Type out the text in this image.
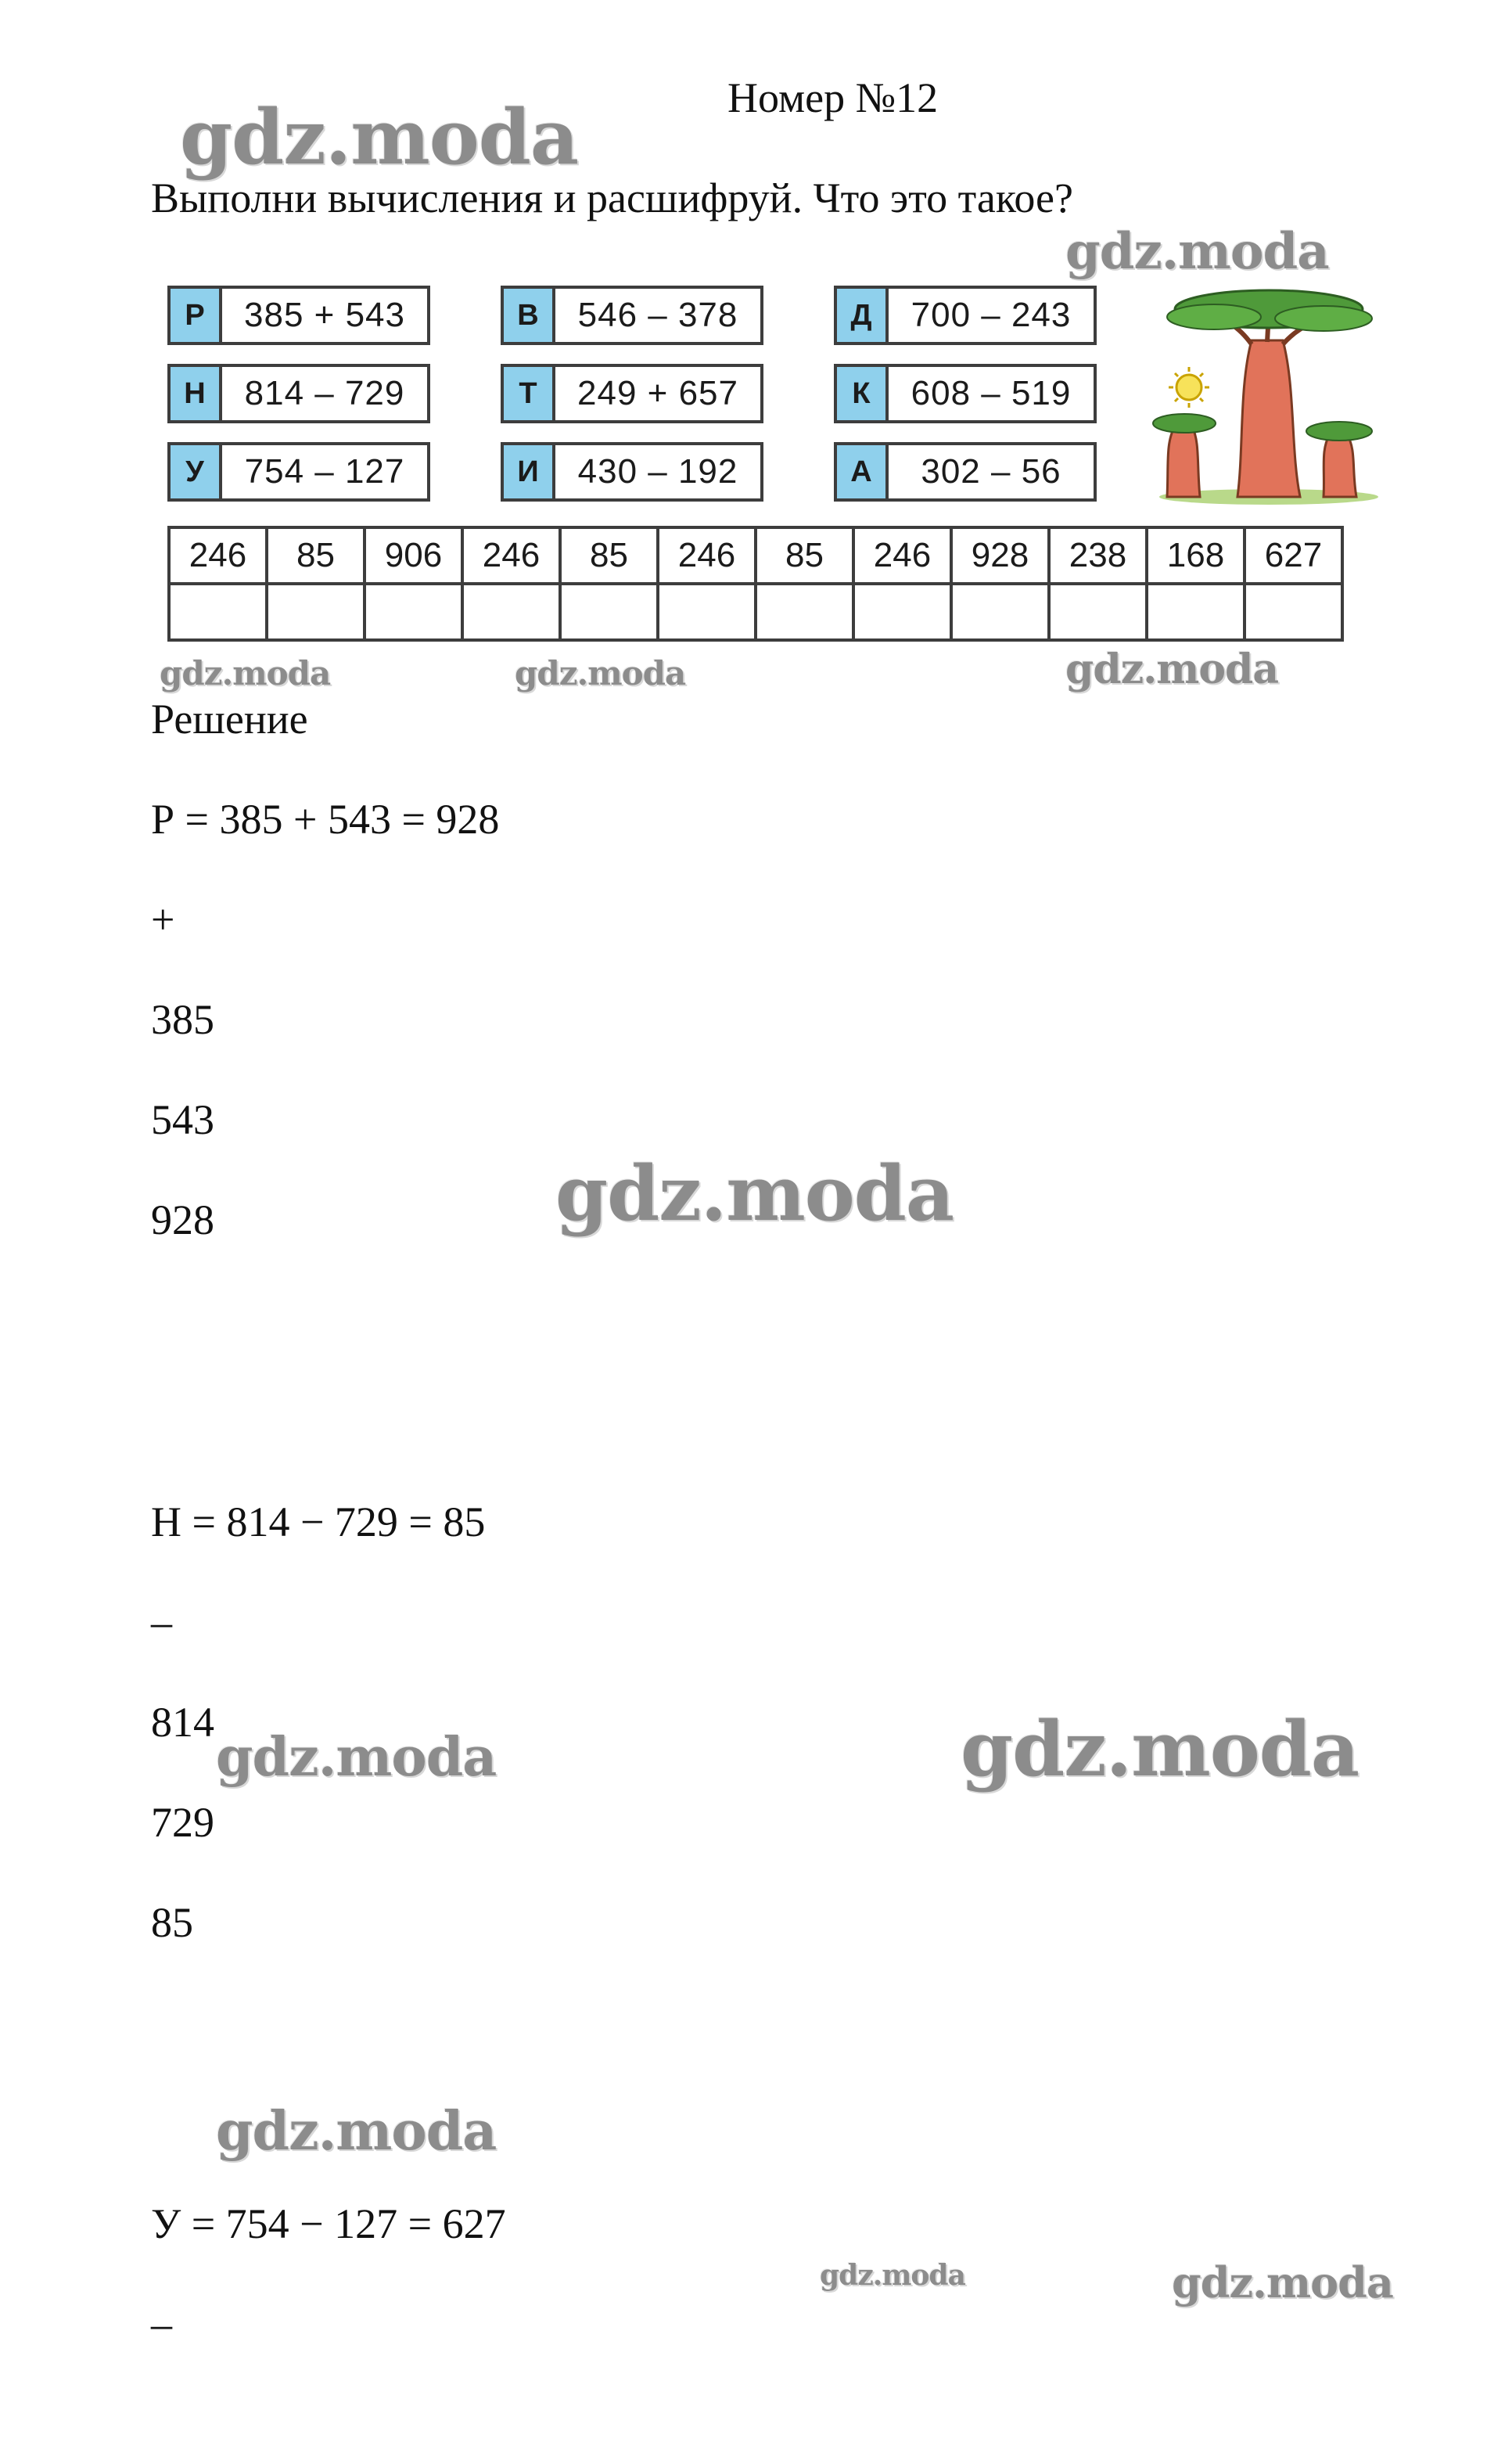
Номер №12
Выполни вычисления и расшифруй. Что это такое?
Р	385 + 543	В	546 – 378	Д	700 – 243
Н	814 – 729	Т	249 + 657	К	608 – 519
У	754 – 127	И	430 – 192	А	302 – 56
246	85	906	246	85	246	85	246	928	238	168	627

Решение
Р = 385 + 543 = 928
+
385
543
928
Н = 814 − 729 = 85
–
814
729
85
У = 754 − 127 = 627
–
gdz.moda
gdz.moda
gdz.moda	gdz.moda	gdz.moda
gdz.moda
gdz.moda	gdz.moda
gdz.moda
gdz.moda	gdz.moda
